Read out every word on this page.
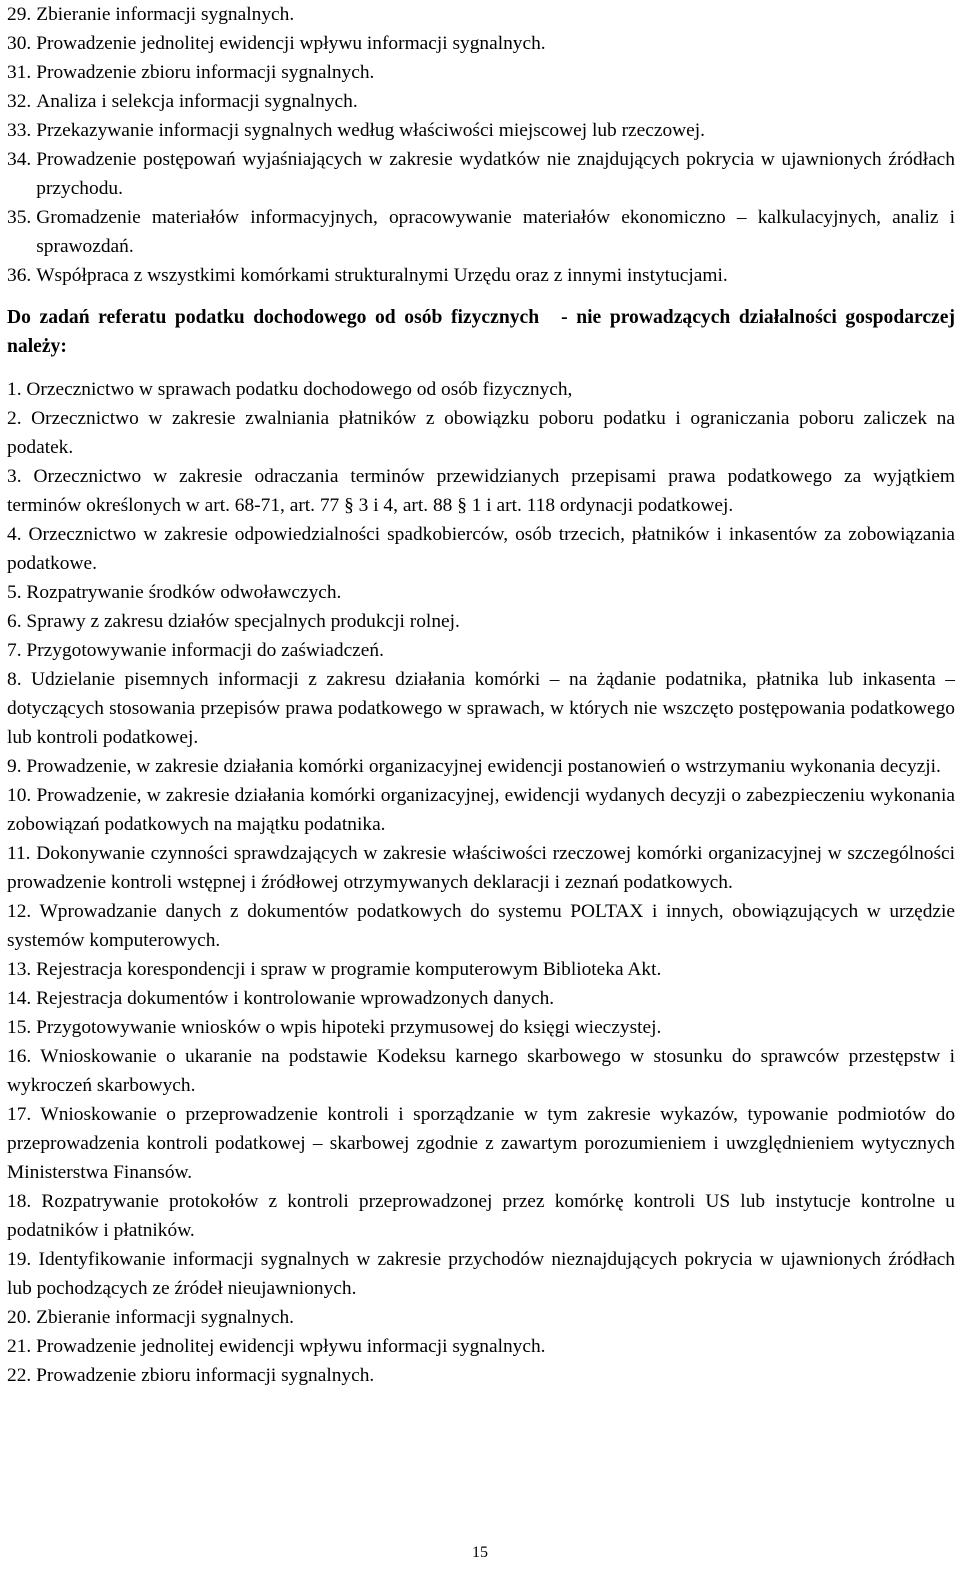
29. Zbieranie informacji sygnalnych.
30. Prowadzenie jednolitej ewidencji wpływu informacji sygnalnych.
31. Prowadzenie zbioru informacji sygnalnych.
32. Analiza i selekcja informacji sygnalnych.
33. Przekazywanie informacji sygnalnych według właściwości miejscowej lub rzeczowej.
34. Prowadzenie postępowań wyjaśniających w zakresie wydatków nie znajdujących pokrycia w ujawnionych źródłach przychodu.
35. Gromadzenie materiałów informacyjnych, opracowywanie materiałów ekonomiczno – kalkulacyjnych, analiz i sprawozdań.
36. Współpraca z wszystkimi komórkami strukturalnymi Urzędu oraz z innymi instytucjami.
Do zadań referatu podatku dochodowego od osób fizycznych - nie prowadzących działalności gospodarczej należy:
1. Orzecznictwo w sprawach podatku dochodowego od osób fizycznych,
2. Orzecznictwo w zakresie zwalniania płatników z obowiązku poboru podatku i ograniczania poboru zaliczek na podatek.
3. Orzecznictwo w zakresie odraczania terminów przewidzianych przepisami prawa podatkowego za wyjątkiem terminów określonych w art. 68-71, art. 77 § 3 i 4, art. 88 § 1 i art. 118 ordynacji podatkowej.
4. Orzecznictwo w zakresie odpowiedzialności spadkobierców, osób trzecich, płatników i inkasentów za zobowiązania podatkowe.
5. Rozpatrywanie środków odwoławczych.
6. Sprawy z zakresu działów specjalnych produkcji rolnej.
7. Przygotowywanie informacji do zaświadczeń.
8. Udzielanie pisemnych informacji z zakresu działania komórki – na żądanie podatnika, płatnika lub inkasenta – dotyczących stosowania przepisów prawa podatkowego w sprawach, w których nie wszczęto postępowania podatkowego lub kontroli podatkowej.
9. Prowadzenie, w zakresie działania komórki organizacyjnej ewidencji postanowień o wstrzymaniu wykonania decyzji.
10. Prowadzenie, w zakresie działania komórki organizacyjnej, ewidencji wydanych decyzji o zabezpieczeniu wykonania zobowiązań podatkowych na majątku podatnika.
11. Dokonywanie czynności sprawdzających w zakresie właściwości rzeczowej komórki organizacyjnej w szczególności prowadzenie kontroli wstępnej i źródłowej otrzymywanych deklaracji i zeznań podatkowych.
12. Wprowadzanie danych z dokumentów podatkowych do systemu POLTAX i innych, obowiązujących w urzędzie systemów komputerowych.
13. Rejestracja korespondencji i spraw w programie komputerowym Biblioteka Akt.
14. Rejestracja dokumentów i kontrolowanie wprowadzonych danych.
15. Przygotowywanie wniosków o wpis hipoteki przymusowej do księgi wieczystej.
16. Wnioskowanie o ukaranie na podstawie Kodeksu karnego skarbowego w stosunku do sprawców przestępstw i wykroczeń skarbowych.
17. Wnioskowanie o przeprowadzenie kontroli i sporządzanie w tym zakresie wykazów, typowanie podmiotów do przeprowadzenia kontroli podatkowej – skarbowej zgodnie z zawartym porozumieniem i uwzględnieniem wytycznych Ministerstwa Finansów.
18. Rozpatrywanie protokołów z kontroli przeprowadzonej przez komórkę kontroli US lub instytucje kontrolne u podatników i płatników.
19. Identyfikowanie informacji sygnalnych w zakresie przychodów nieznajdujących pokrycia w ujawnionych źródłach lub pochodzących ze źródeł nieujawnionych.
20. Zbieranie informacji sygnalnych.
21. Prowadzenie jednolitej ewidencji wpływu informacji sygnalnych.
22. Prowadzenie zbioru informacji sygnalnych.
15
